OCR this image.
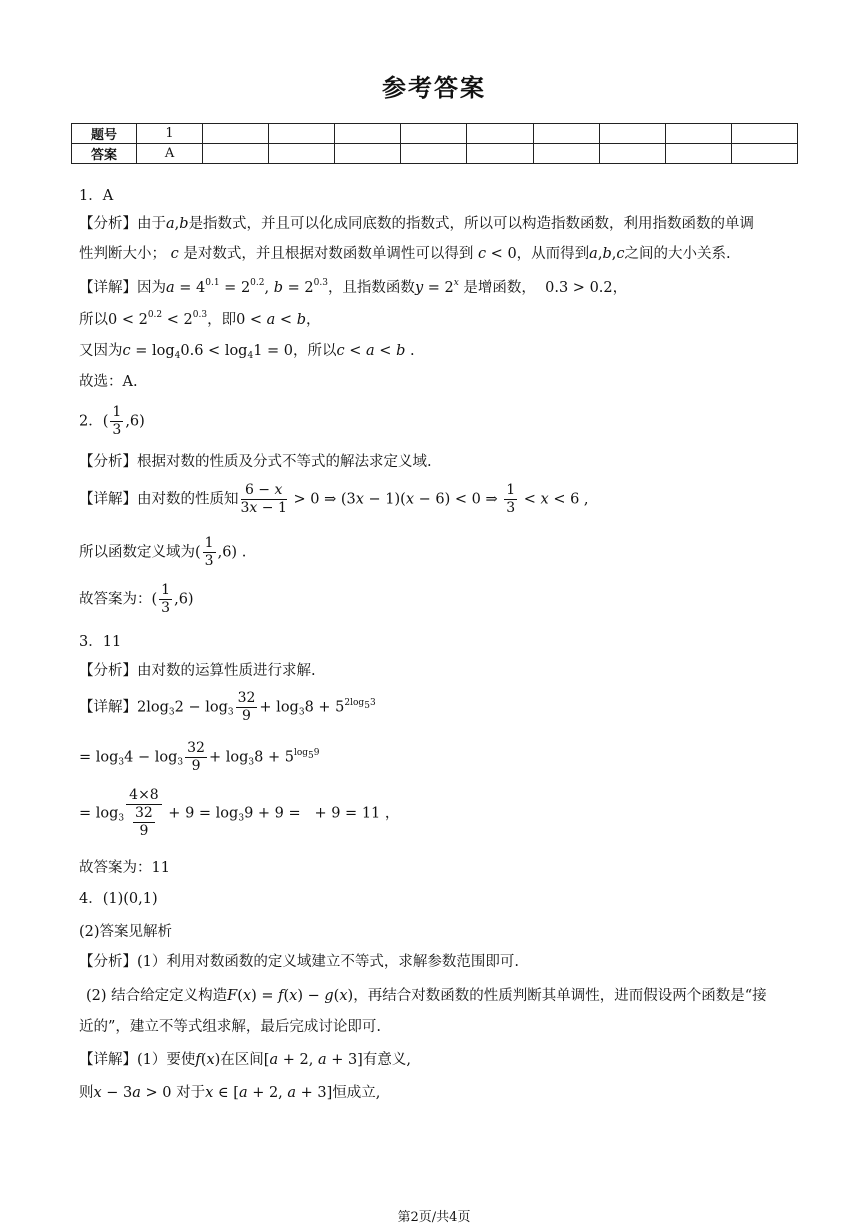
参考答案
题号	1									
答案	A									
1．A
【分析】由于a,b是指数式，并且可以化成同底数的指数式，所以可以构造指数函数，利用指数函数的单调
性判断大小； c 是对数式，并且根据对数函数单调性可以得到 c < 0，从而得到a,b,c之间的大小关系.
【详解】因为$a = 4^{0.1} = 2^{0.2}$, $b = 2^{0.3}$，且指数函数$y = 2^x$ 是增函数，  0.3 > 0.2，
所以$0 < 2^{0.2} < 2^{0.3}$，即0 < a < b，
又因为$c = \log_40.6 < \log_41 = 0$，所以c < a < b .
故选：A.
2．( $\frac{1}{3} ,6$)
【分析】根据对数的性质及分式不等式的解法求定义域.
【详解】由对数的性质知 $\frac{6 - x}{3x - 1} > 0$ ⇒ (3x − 1)(x − 6) < 0 ⇒ $\frac{1}{3} < x < 6$ ,
所以函数定义域为( $\frac{1}{3} ,6$) .
故答案为：( $\frac{1}{3} ,6$)
3．11
【分析】由对数的运算性质进行求解.
【详解】$2\log_32 - \log_3 \frac{32}{9} + \log_38 + 5^{2log_53}$
= $\log_34 - \log_3 \frac{32}{9} + \log_38 + 5^{log_59}$
= $\log_3 \frac{4\times 8}{\frac{32}{9}} + 9 = \log_39 + 9$ =   + 9 = 11 ，
故答案为：11
4．(1)(0,1)
(2)答案见解析
【分析】(1）利用对数函数的定义域建立不等式，求解参数范围即可.
(2) 结合给定定义构造F(x) = f(x) − g(x)，再结合对数函数的性质判断其单调性，进而假设两个函数是“接
近的”，建立不等式组求解，最后完成讨论即可.
【详解】(1）要使f(x)在区间[a + 2, a + 3]有意义,
则x − 3a > 0 对于x ∈ [a + 2, a + 3]恒成立,
第2页/共4页
